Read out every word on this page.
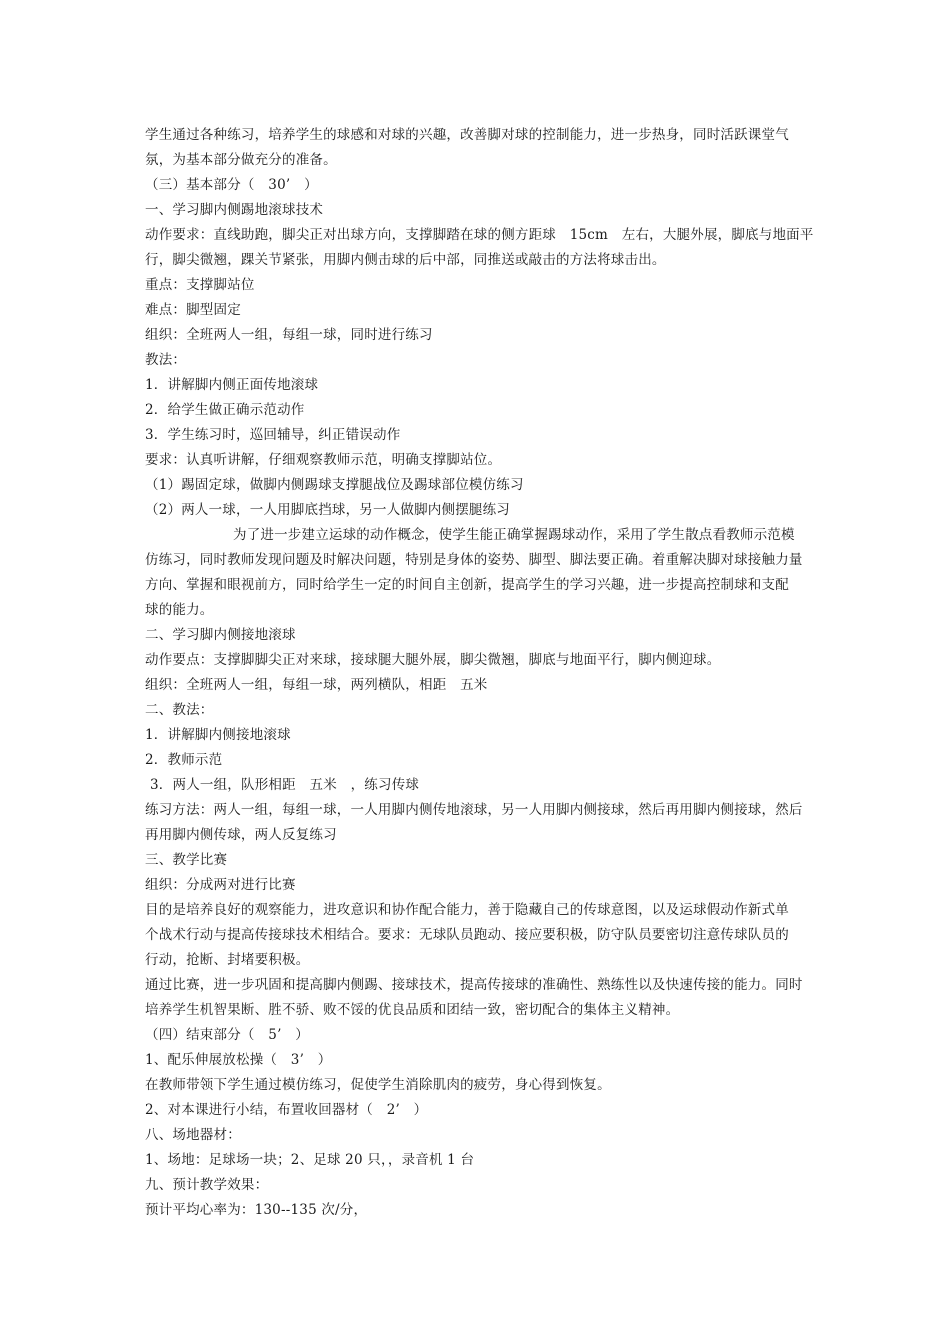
学生通过各种练习，培养学生的球感和对球的兴趣，改善脚对球的控制能力，进一步热身，同时活跃课堂气
氛，为基本部分做充分的准备。
（三）基本部分（　30’　）
一、学习脚内侧踢地滚球技术
动作要求：直线助跑，脚尖正对出球方向，支撑脚踏在球的侧方距球　15cm　左右，大腿外展，脚底与地面平
行，脚尖微翘，踝关节紧张，用脚内侧击球的后中部，同推送或敲击的方法将球击出。
重点：支撑脚站位
难点：脚型固定
组织：全班两人一组，每组一球，同时进行练习
教法：
1．讲解脚内侧正面传地滚球
2．给学生做正确示范动作
3．学生练习时，巡回辅导，纠正错误动作
要求：认真听讲解，仔细观察教师示范，明确支撑脚站位。
（1）踢固定球，做脚内侧踢球支撑腿战位及踢球部位模仿练习
（2）两人一球，一人用脚底挡球，另一人做脚内侧摆腿练习
为了进一步建立运球的动作概念，使学生能正确掌握踢球动作，采用了学生散点看教师示范模
仿练习，同时教师发现问题及时解决问题，特别是身体的姿势、脚型、脚法要正确。着重解决脚对球接触力量
方向、掌握和眼视前方，同时给学生一定的时间自主创新，提高学生的学习兴趣，进一步提高控制球和支配
球的能力。
二、学习脚内侧接地滚球
动作要点：支撑脚脚尖正对来球，接球腿大腿外展，脚尖微翘，脚底与地面平行，脚内侧迎球。
组织：全班两人一组，每组一球，两列横队，相距　五米
二、教法：
1．讲解脚内侧接地滚球
2．教师示范
3．两人一组，队形相距　五米　，练习传球
练习方法：两人一组，每组一球，一人用脚内侧传地滚球，另一人用脚内侧接球，然后再用脚内侧接球，然后
再用脚内侧传球，两人反复练习
三、教学比赛
组织：分成两对进行比赛
目的是培养良好的观察能力，进攻意识和协作配合能力，善于隐藏自己的传球意图，以及运球假动作新式单
个战术行动与提高传接球技术相结合。要求：无球队员跑动、接应要积极，防守队员要密切注意传球队员的
行动，抢断、封堵要积极。
通过比赛，进一步巩固和提高脚内侧踢、接球技术，提高传接球的准确性、熟练性以及快速传接的能力。同时
培养学生机智果断、胜不骄、败不馁的优良品质和团结一致，密切配合的集体主义精神。
（四）结束部分（　5’　）
1、配乐伸展放松操（　3’　）
在教师带领下学生通过模仿练习，促使学生消除肌肉的疲劳，身心得到恢复。
2、对本课进行小结，布置收回器材（　2’　）
八、场地器材：
1、场地：足球场一块；2、足球 20 只，，录音机 1 台
九、预计教学效果：
预计平均心率为：130--135 次/分，
